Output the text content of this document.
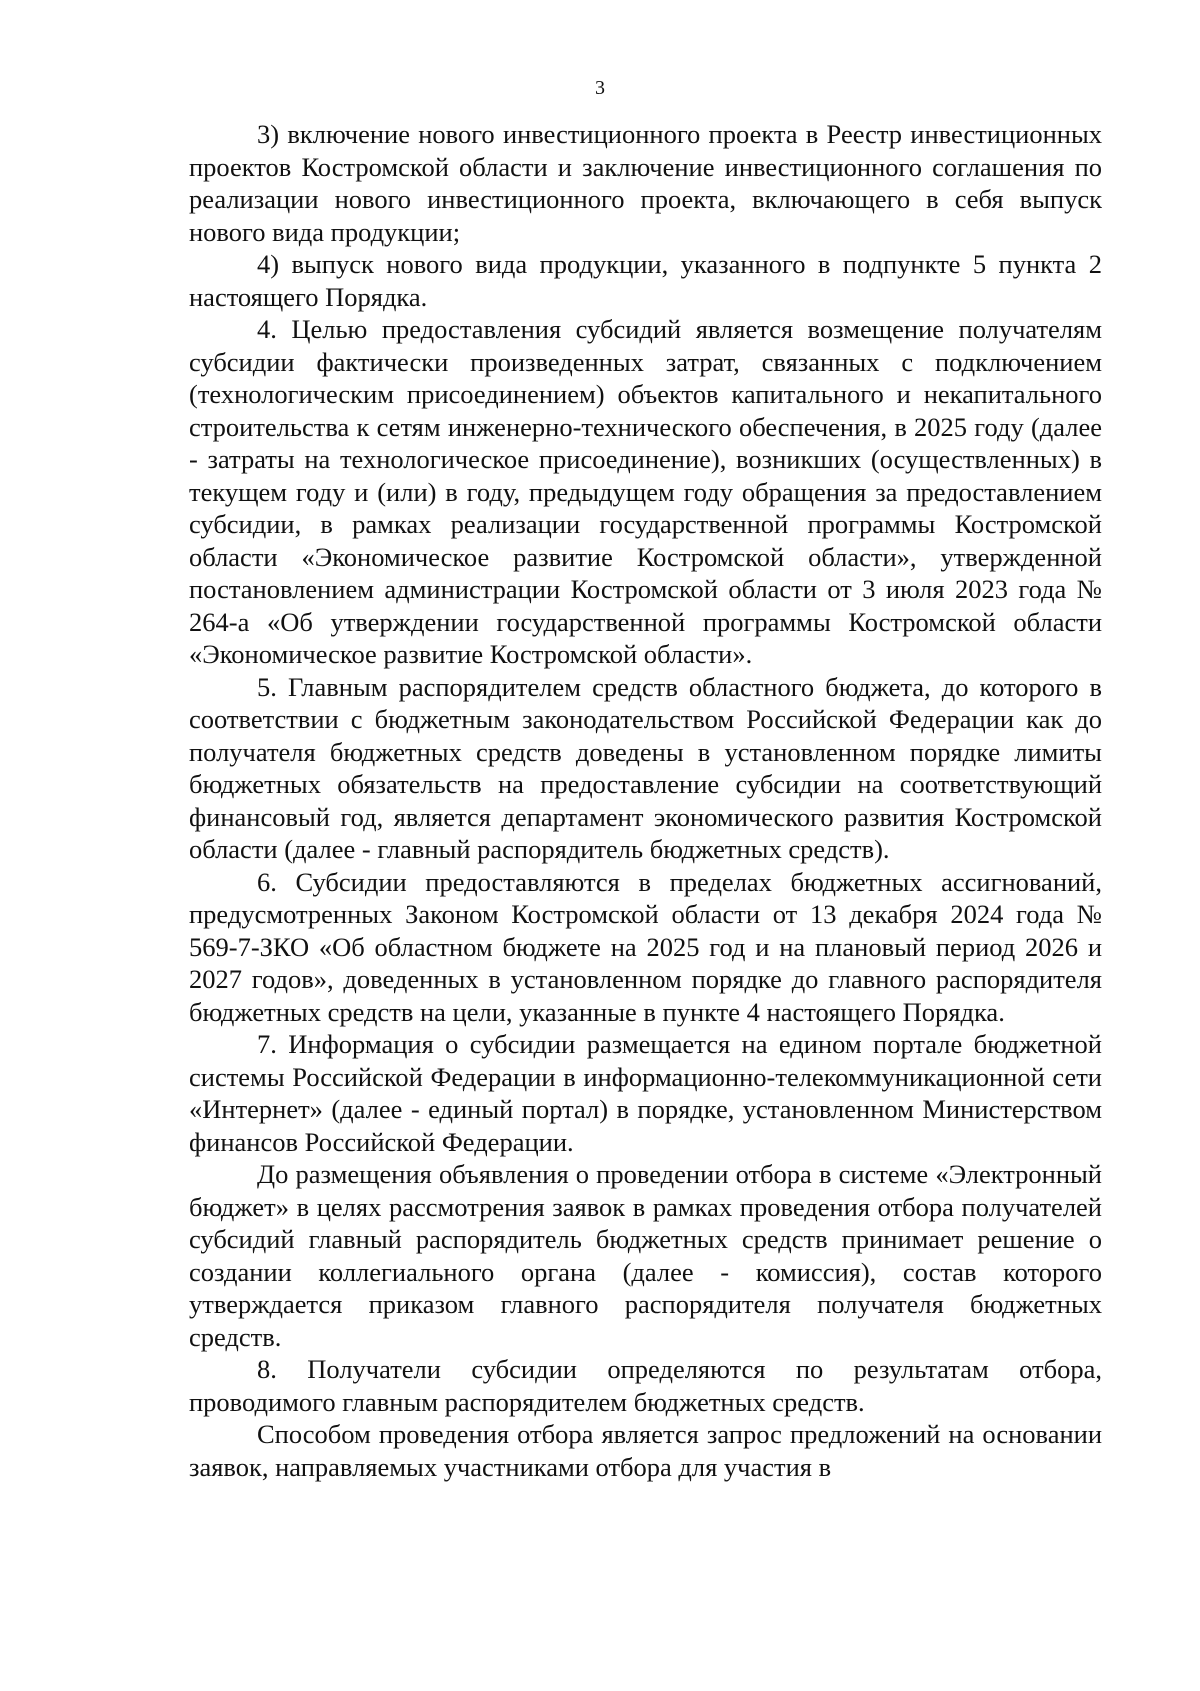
3

3) включение нового инвестиционного проекта в Реестр инвестиционных проектов Костромской области и заключение инвестиционного соглашения по реализации нового инвестиционного проекта, включающего в себя выпуск нового вида продукции;

4) выпуск нового вида продукции, указанного в подпункте 5 пункта 2 настоящего Порядка.

4. Целью предоставления субсидий является возмещение получателям субсидии фактически произведенных затрат, связанных с подключением (технологическим присоединением) объектов капитального и некапитального строительства к сетям инженерно-технического обеспечения, в 2025 году (далее - затраты на технологическое присоединение), возникших (осуществленных) в текущем году и (или) в году, предыдущем году обращения за предоставлением субсидии, в рамках реализации государственной программы Костромской области «Экономическое развитие Костромской области», утвержденной постановлением администрации Костромской области от 3 июля 2023 года № 264-а «Об утверждении государственной программы Костромской области «Экономическое развитие Костромской области».

5. Главным распорядителем средств областного бюджета, до которого в соответствии с бюджетным законодательством Российской Федерации как до получателя бюджетных средств доведены в установленном порядке лимиты бюджетных обязательств на предоставление субсидии на соответствующий финансовый год, является департамент экономического развития Костромской области (далее - главный распорядитель бюджетных средств).

6. Субсидии предоставляются в пределах бюджетных ассигнований, предусмотренных Законом Костромской области от 13 декабря 2024 года № 569-7-ЗКО «Об областном бюджете на 2025 год и на плановый период 2026 и 2027 годов», доведенных в установленном порядке до главного распорядителя бюджетных средств на цели, указанные в пункте 4 настоящего Порядка.

7. Информация о субсидии размещается на едином портале бюджетной системы Российской Федерации в информационно-телекоммуникационной сети «Интернет» (далее - единый портал) в порядке, установленном Министерством финансов Российской Федерации.

До размещения объявления о проведении отбора в системе «Электронный бюджет» в целях рассмотрения заявок в рамках проведения отбора получателей субсидий главный распорядитель бюджетных средств принимает решение о создании коллегиального органа (далее - комиссия), состав которого утверждается приказом главного распорядителя получателя бюджетных средств.

8. Получатели субсидии определяются по результатам отбора, проводимого главным распорядителем бюджетных средств.

Способом проведения отбора является запрос предложений на основании заявок, направляемых участниками отбора для участия в
